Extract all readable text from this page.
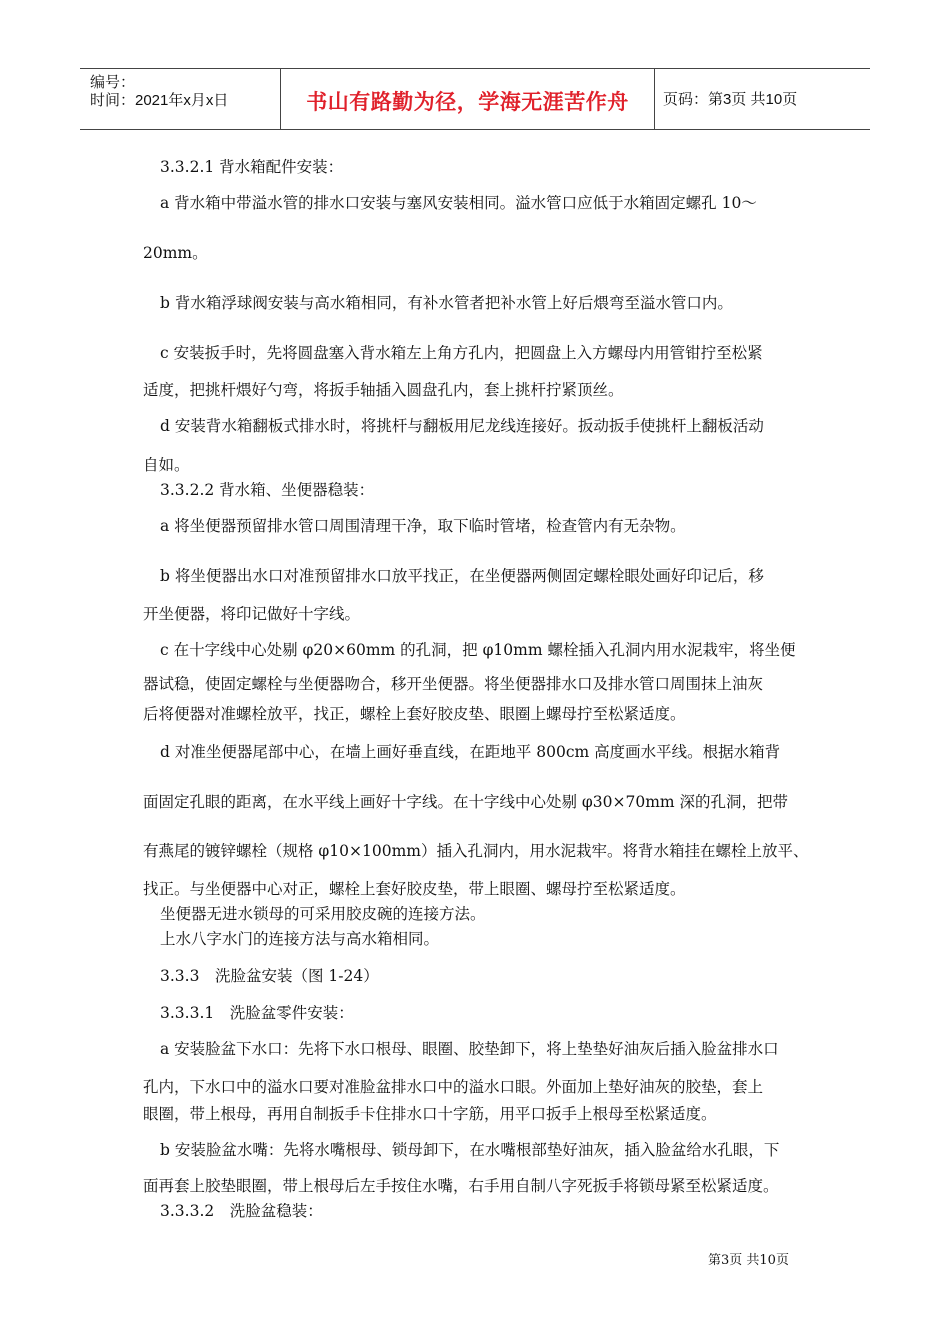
编号：
时间：2021年x月x日	书山有路勤为径，学海无涯苦作舟	页码：第3页 共10页
3.3.2.1 背水箱配件安装：
a 背水箱中带溢水管的排水口安装与塞风安装相同。溢水管口应低于水箱固定螺孔 10～
20mm。
b 背水箱浮球阀安装与高水箱相同，有补水管者把补水管上好后煨弯至溢水管口内。
c 安装扳手时，先将圆盘塞入背水箱左上角方孔内，把圆盘上入方螺母内用管钳拧至松紧
适度，把挑杆煨好勺弯，将扳手轴插入圆盘孔内，套上挑杆拧紧顶丝。
d 安装背水箱翻板式排水时，将挑杆与翻板用尼龙线连接好。扳动扳手使挑杆上翻板活动
自如。
3.3.2.2 背水箱、坐便器稳装：
a 将坐便器预留排水管口周围清理干净，取下临时管堵，检查管内有无杂物。
b 将坐便器出水口对准预留排水口放平找正，在坐便器两侧固定螺栓眼处画好印记后，移
开坐便器，将印记做好十字线。
c 在十字线中心处剔 φ20×60mm 的孔洞，把 φ10mm 螺栓插入孔洞内用水泥栽牢，将坐便
器试稳，使固定螺栓与坐便器吻合，移开坐便器。将坐便器排水口及排水管口周围抹上油灰
后将便器对准螺栓放平，找正，螺栓上套好胶皮垫、眼圈上螺母拧至松紧适度。
d 对准坐便器尾部中心，在墙上画好垂直线，在距地平 800cm 高度画水平线。根据水箱背
面固定孔眼的距离，在水平线上画好十字线。在十字线中心处剔 φ30×70mm 深的孔洞，把带
有燕尾的镀锌螺栓（规格 φ10×100mm）插入孔洞内，用水泥栽牢。将背水箱挂在螺栓上放平、
找正。与坐便器中心对正，螺栓上套好胶皮垫，带上眼圈、螺母拧至松紧适度。
坐便器无进水锁母的可采用胶皮碗的连接方法。
上水八字水门的连接方法与高水箱相同。
3.3.3　洗脸盆安装（图 1-24）
3.3.3.1　洗脸盆零件安装：
a 安装脸盆下水口：先将下水口根母、眼圈、胶垫卸下，将上垫垫好油灰后插入脸盆排水口
孔内，下水口中的溢水口要对准脸盆排水口中的溢水口眼。外面加上垫好油灰的胶垫，套上
眼圈，带上根母，再用自制扳手卡住排水口十字筋，用平口扳手上根母至松紧适度。
b 安装脸盆水嘴：先将水嘴根母、锁母卸下，在水嘴根部垫好油灰，插入脸盆给水孔眼，下
面再套上胶垫眼圈，带上根母后左手按住水嘴，右手用自制八字死扳手将锁母紧至松紧适度。
3.3.3.2　洗脸盆稳装：
第3页 共10页
